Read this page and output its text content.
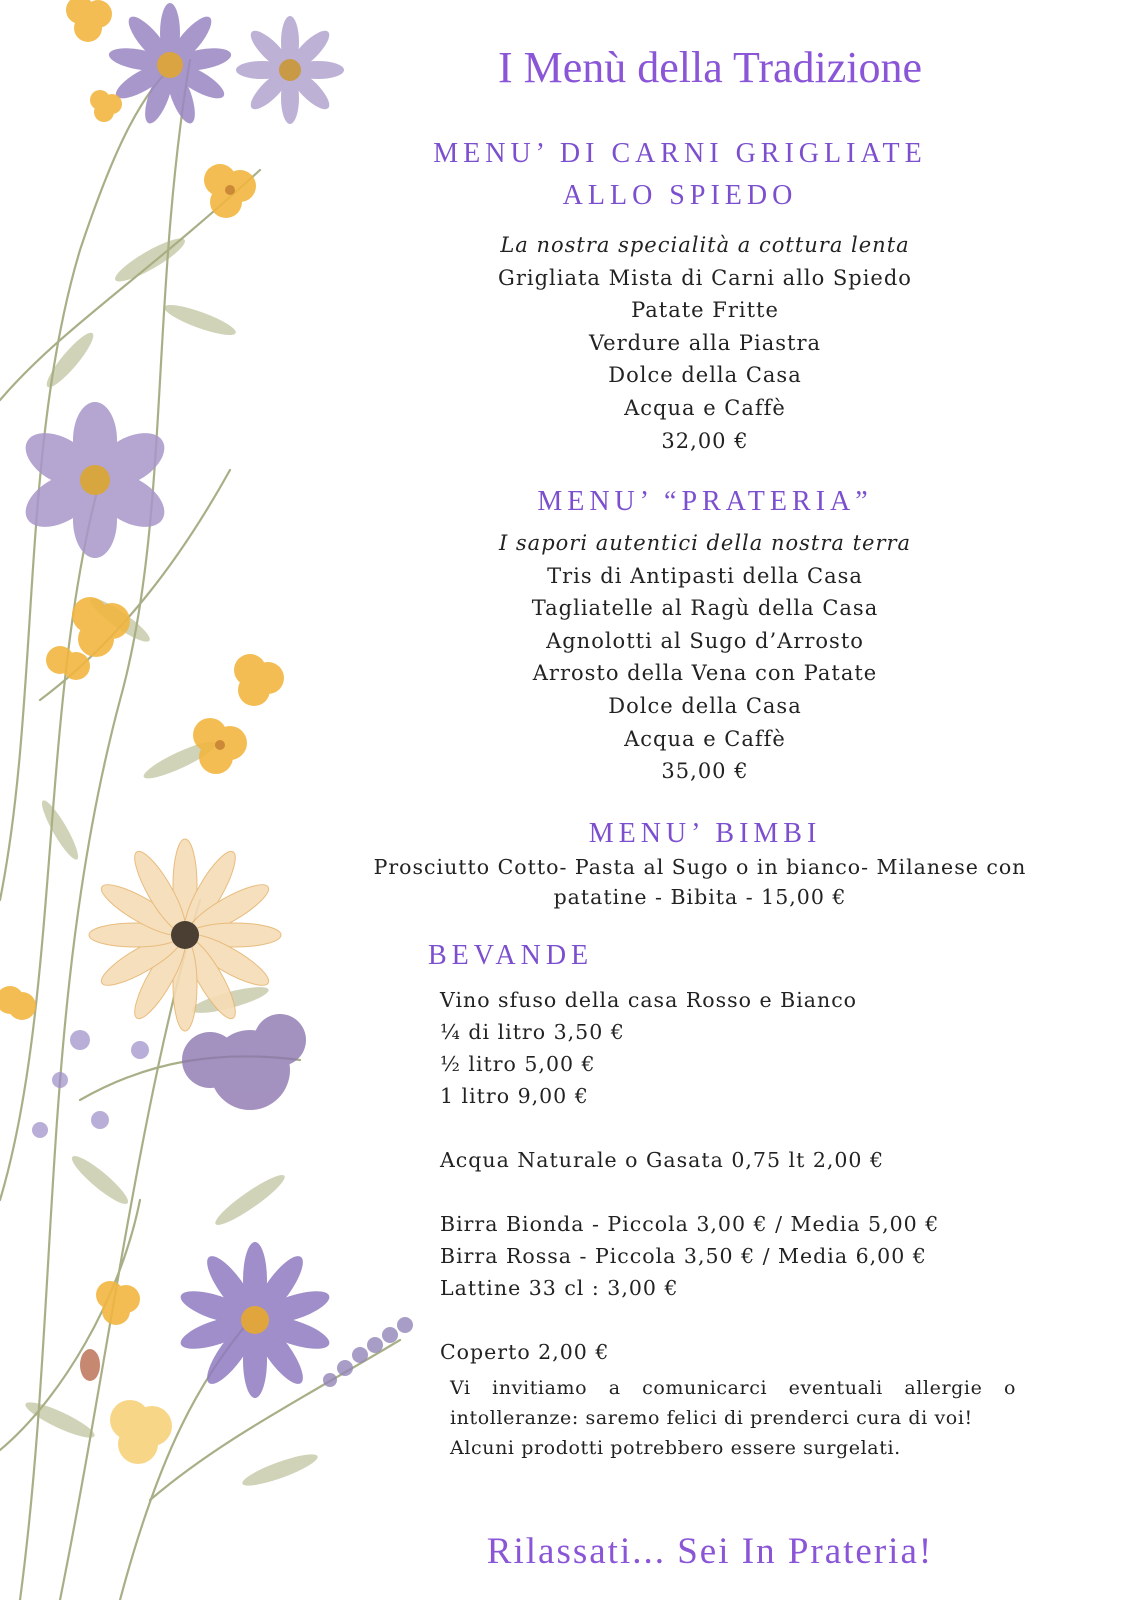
I Menù della Tradizione
MENU’ DI CARNI GRIGLIATE
ALLO SPIEDO
La nostra specialità a cottura lenta
Grigliata Mista di Carni allo Spiedo
Patate Fritte
Verdure alla Piastra
Dolce della Casa
Acqua e Caffè
32,00 €
MENU’ “PRATERIA”
I sapori autentici della nostra terra
Tris di Antipasti della Casa
Tagliatelle al Ragù della Casa
Agnolotti al Sugo d’Arrosto
Arrosto della Vena con Patate
Dolce della Casa
Acqua e Caffè
35,00 €
MENU’ BIMBI
Prosciutto Cotto- Pasta al Sugo o in bianco- Milanese con
patatine - Bibita - 15,00 €
BEVANDE
Vino sfuso della casa Rosso e Bianco
¼ di litro 3,50 €
½ litro 5,00 €
1 litro 9,00 €
Acqua Naturale o Gasata 0,75 lt 2,00 €
Birra Bionda - Piccola 3,00 € / Media 5,00 €
Birra Rossa - Piccola 3,50 € / Media 6,00 €
Lattine 33 cl : 3,00 €
Coperto 2,00 €
Vi invitiamo a comunicarci eventuali allergie o
intolleranze: saremo felici di prenderci cura di voi!
Alcuni prodotti potrebbero essere surgelati.
Rilassati... Sei In Prateria!
